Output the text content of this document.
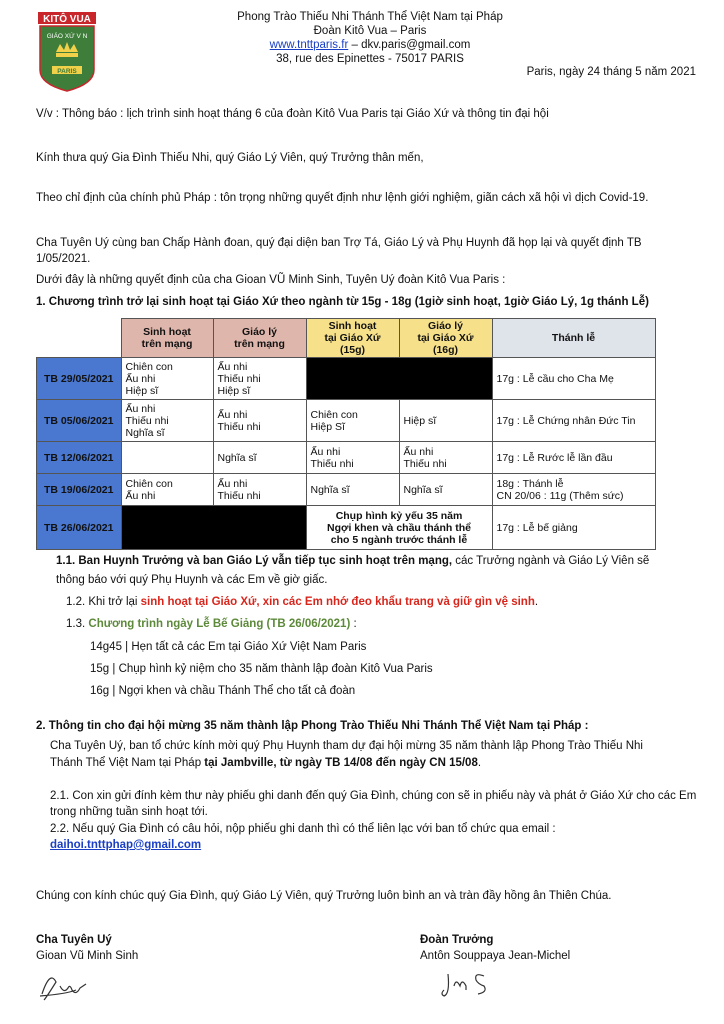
KITÔ VUA
GIÁO XỨ V N
PARIS
Phong Trào Thiếu Nhi Thánh Thể Việt Nam tại Pháp
Đoàn Kitô Vua – Paris
www.tnttparis.fr – dkv.paris@gmail.com
38, rue des Epinettes - 75017 PARIS
Paris, ngày 24 tháng 5 năm 2021
V/v : Thông báo : lịch trình sinh hoạt tháng 6 của đoàn Kitô Vua Paris tại Giáo Xứ và thông tin đại hội
Kính thưa quý Gia Đình Thiếu Nhi, quý Giáo Lý Viên, quý Trưởng thân mến,
Theo chỉ định của chính phủ Pháp : tôn trọng những quyết định như lệnh giới nghiệm, giãn cách xã hội vì dịch Covid-19.
Cha Tuyên Uý cùng ban Chấp Hành đoan, quý đại diện ban Trợ Tá, Giáo Lý và Phụ Huynh đã họp lại và quyết định TB 1/05/2021.
Dưới đây là những quyết định của cha Gioan VŨ Minh Sinh, Tuyên Uý đoàn Kitô Vua Paris :
1. Chương trình trở lại sinh hoạt tại Giáo Xứ theo ngành từ 15g - 18g (1giờ sinh hoạt, 1giờ Giáo Lý, 1g thánh Lễ)
	Sinh hoạt
trên mạng	Giáo lý
trên mạng	Sinh hoạt
tại Giáo Xứ (15g)	Giáo lý
tại Giáo Xứ (16g)	Thánh lễ
TB 29/05/2021	Chiên con
Ấu nhi
Hiệp sĩ	Ấu nhi
Thiếu nhi
Hiệp sĩ			17g : Lễ cầu cho Cha Mẹ
TB 05/06/2021	Ấu nhi
Thiếu nhi
Nghĩa sĩ	Ấu nhi
Thiếu nhi	Chiên con
Hiệp Sĩ	Hiệp sĩ	17g : Lễ Chứng nhân Đức Tin
TB 12/06/2021		Nghĩa sĩ	Ấu nhi
Thiếu nhi	Ấu nhi
Thiếu nhi	17g : Lễ Rước lễ lần đầu
TB 19/06/2021	Chiên con
Ấu nhi	Ấu nhi
Thiếu nhi	Nghĩa sĩ	Nghĩa sĩ	18g : Thánh lễ
CN 20/06 : 11g (Thêm sức)
TB 26/06/2021			Chụp hình kỷ yếu 35 năm
Ngợi khen và chầu thánh thể
cho 5 ngành trước thánh lễ		17g : Lễ bế giảng
1.1. Ban Huynh Trưởng và ban Giáo Lý vẫn tiếp tục sinh hoạt trên mạng, các Trưởng ngành và Giáo Lý Viên sẽ
thông báo với quý Phụ Huynh và các Em về giờ giấc.
1.2. Khi trở lại sinh hoạt tại Giáo Xứ, xin các Em nhớ đeo khẩu trang và giữ gìn vệ sinh.
1.3. Chương trình ngày Lễ Bế Giảng (TB 26/06/2021) :
14g45 | Hẹn tất cả các Em tại Giáo Xứ Việt Nam Paris
15g | Chụp hình kỷ niệm cho 35 năm thành lập đoàn Kitô Vua Paris
16g | Ngợi khen và chầu Thánh Thể cho tất cả đoàn
2. Thông tin cho đại hội mừng 35 năm thành lập Phong Trào Thiếu Nhi Thánh Thể Việt Nam tại Pháp :
Cha Tuyên Uý, ban tổ chức kính mời quý Phụ Huynh tham dự đại hội mừng 35 năm thành lập Phong Trào Thiếu Nhi
Thánh Thể Việt Nam tại Pháp tại Jambville, từ ngày TB 14/08 đến ngày CN 15/08.
2.1. Con xin gửi đính kèm thư này phiếu ghi danh đến quý Gia Đình, chúng con sẽ in phiếu này và phát ở Giáo Xứ cho các Em trong những tuần sinh hoạt tới.
2.2. Nếu quý Gia Đình có câu hỏi, nộp phiếu ghi danh thì có thể liên lạc với ban tổ chức qua email :
daihoi.tnttphap@gmail.com
Chúng con kính chúc quý Gia Đình, quý Giáo Lý Viên, quý Trưởng luôn bình an và tràn đầy hồng ân Thiên Chúa.
Cha Tuyên Uý
Gioan Vũ Minh Sinh
Đoàn Trưởng
Antôn Souppaya Jean-Michel
